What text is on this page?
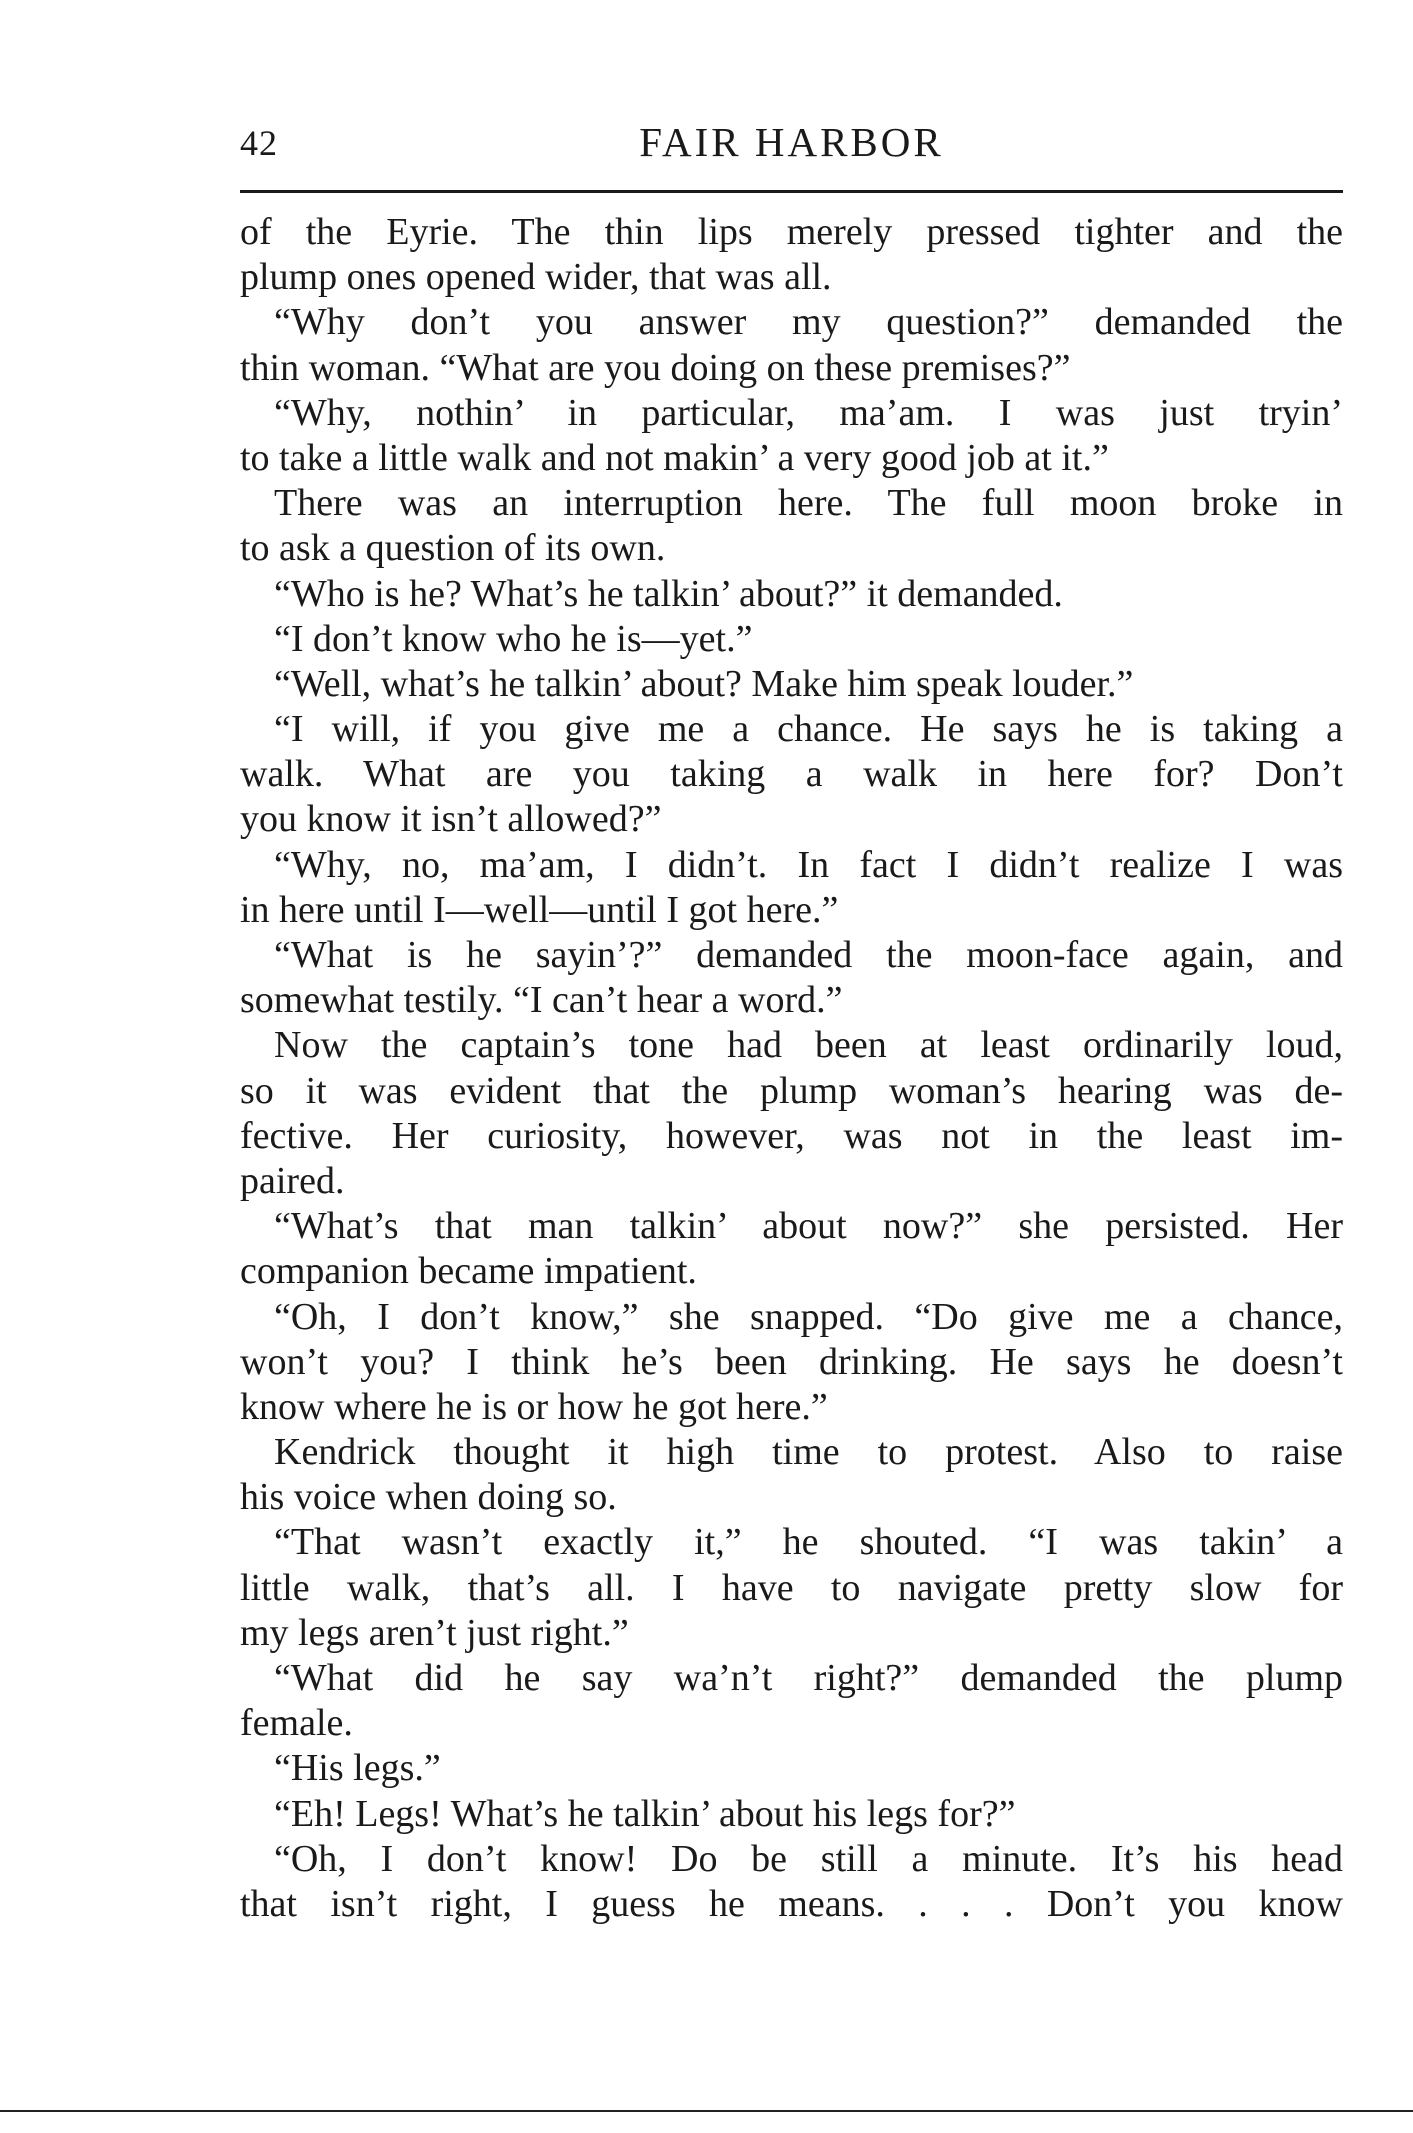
42	FAIR HARBOR
of the Eyrie. The thin lips merely pressed tighter and the
plump ones opened wider, that was all.
“Why don’t you answer my question?” demanded the
thin woman. “What are you doing on these premises?”
“Why, nothin’ in particular, ma’am. I was just tryin’
to take a little walk and not makin’ a very good job at it.”
There was an interruption here. The full moon broke in
to ask a question of its own.
“Who is he? What’s he talkin’ about?” it demanded.
“I don’t know who he is—yet.”
“Well, what’s he talkin’ about? Make him speak louder.”
“I will, if you give me a chance. He says he is taking a
walk. What are you taking a walk in here for? Don’t
you know it isn’t allowed?”
“Why, no, ma’am, I didn’t. In fact I didn’t realize I was
in here until I—well—until I got here.”
“What is he sayin’?” demanded the moon-face again, and
somewhat testily. “I can’t hear a word.”
Now the captain’s tone had been at least ordinarily loud,
so it was evident that the plump woman’s hearing was de-
fective. Her curiosity, however, was not in the least im-
paired.
“What’s that man talkin’ about now?” she persisted. Her
companion became impatient.
“Oh, I don’t know,” she snapped. “Do give me a chance,
won’t you? I think he’s been drinking. He says he doesn’t
know where he is or how he got here.”
Kendrick thought it high time to protest. Also to raise
his voice when doing so.
“That wasn’t exactly it,” he shouted. “I was takin’ a
little walk, that’s all. I have to navigate pretty slow for
my legs aren’t just right.”
“What did he say wa’n’t right?” demanded the plump
female.
“His legs.”
“Eh! Legs! What’s he talkin’ about his legs for?”
“Oh, I don’t know! Do be still a minute. It’s his head
that isn’t right, I guess he means. . . . Don’t you know
